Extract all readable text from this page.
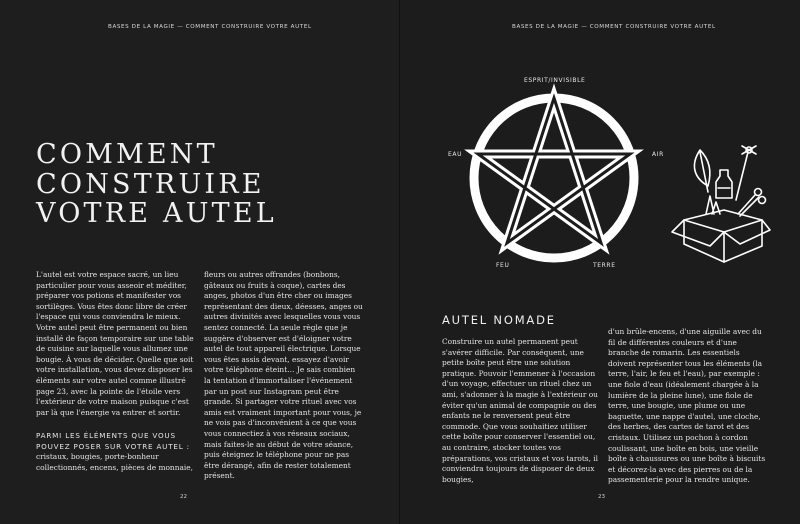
BASES DE LA MAGIE — COMMENT CONSTRUIRE VOTRE AUTEL
COMMENT
CONSTRUIRE
VOTRE AUTEL

L'autel est votre espace sacré, un lieu particulier pour vous asseoir et méditer, préparer vos potions et manifester vos sortilèges. Vous êtes donc libre de créer l'espace qui vous conviendra le mieux. Votre autel peut être permanent ou bien installé de façon temporaire sur une table de cuisine sur laquelle vous allumez une bougie. À vous de décider. Quelle que soit votre installation, vous devez disposer les éléments sur votre autel comme illustré page 23, avec la pointe de l'étoile vers l'extérieur de votre maison puisque c'est par là que l'énergie va entrer et sortir.

PARMI LES ÉLÉMENTS QUE VOUS POUVEZ POSER SUR VOTRE AUTEL :

cristaux, bougies, porte-bonheur collectionnés, encens, pièces de monnaie,

fleurs ou autres offrandes (bonbons, gâteaux ou fruits à coque), cartes des anges, photos d'un être cher ou images représentant des dieux, déesses, anges ou autres divinités avec lesquelles vous vous sentez connecté. La seule règle que je suggère d'observer est d'éloigner votre autel de tout appareil électrique. Lorsque vous êtes assis devant, essayez d'avoir votre téléphone éteint… Je sais combien la tentation d'immortaliser l'événement par un post sur Instagram peut être grande. Si partager votre rituel avec vos amis est vraiment important pour vous, je ne vois pas d'inconvénient à ce que vous vous connectiez à vos réseaux sociaux, mais faites-le au début de votre séance, puis éteignez le téléphone pour ne pas être dérangé, afin de rester totalement présent.

22
BASES DE LA MAGIE — COMMENT CONSTRUIRE VOTRE AUTEL
ESPRIT/INVISIBLE
EAU	AIR
FEU	TERRE
AUTEL NOMADE

Construire un autel permanent peut s'avérer difficile. Par conséquent, une petite boîte peut être une solution pratique. Pouvoir l'emmener à l'occasion d'un voyage, effectuer un rituel chez un ami, s'adonner à la magie à l'extérieur ou éviter qu'un animal de compagnie ou des enfants ne le renversent peut être commode. Que vous souhaitiez utiliser cette boîte pour conserver l'essentiel ou, au contraire, stocker toutes vos préparations, vos cristaux et vos tarots, il conviendra toujours de disposer de deux bougies,

d'un brûle-encens, d'une aiguille avec du fil de différentes couleurs et d'une branche de romarin. Les essentiels doivent représenter tous les éléments (la terre, l'air, le feu et l'eau), par exemple : une fiole d'eau (idéalement chargée à la lumière de la pleine lune), une fiole de terre, une bougie, une plume ou une baguette, une nappe d'autel, une cloche, des herbes, des cartes de tarot et des cristaux. Utilisez un pochon à cordon coulissant, une boîte en bois, une vieille boîte à chaussures ou une boîte à biscuits et décorez-la avec des pierres ou de la passementerie pour la rendre unique.

23
